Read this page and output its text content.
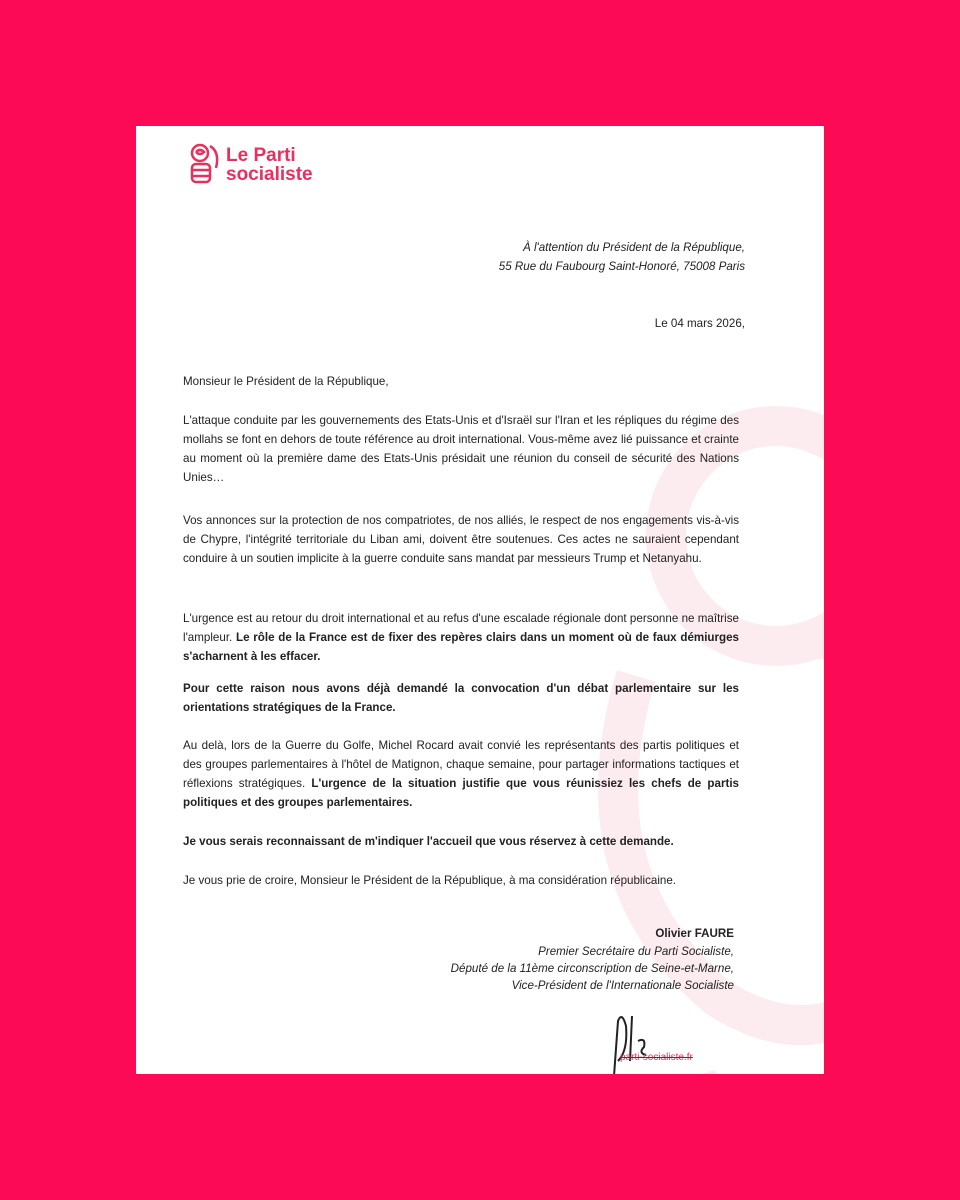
Le Parti
socialiste
À l'attention du Président de la République,
55 Rue du Faubourg Saint-Honoré, 75008 Paris
Le 04 mars 2026,
Monsieur le Président de la République,
L'attaque conduite par les gouvernements des Etats-Unis et d'Israël sur l'Iran et les répliques du régime des mollahs se font en dehors de toute référence au droit international. Vous-même avez lié puissance et crainte au moment où la première dame des Etats-Unis présidait une réunion du conseil de sécurité des Nations Unies…
Vos annonces sur la protection de nos compatriotes, de nos alliés, le respect de nos engagements vis-à-vis de Chypre, l'intégrité territoriale du Liban ami, doivent être soutenues. Ces actes ne sauraient cependant conduire à un soutien implicite à la guerre conduite sans mandat par messieurs Trump et Netanyahu.
L'urgence est au retour du droit international et au refus d'une escalade régionale dont personne ne maîtrise l'ampleur. Le rôle de la France est de fixer des repères clairs dans un moment où de faux démiurges s'acharnent à les effacer.
Pour cette raison nous avons déjà demandé la convocation d'un débat parlementaire sur les orientations stratégiques de la France.
Au delà, lors de la Guerre du Golfe, Michel Rocard avait convié les représentants des partis politiques et des groupes parlementaires à l'hôtel de Matignon, chaque semaine, pour partager informations tactiques et réflexions stratégiques. L'urgence de la situation justifie que vous réunissiez les chefs de partis politiques et des groupes parlementaires.
Je vous serais reconnaissant de m'indiquer l'accueil que vous réservez à cette demande.
Je vous prie de croire, Monsieur le Président de la République, à ma considération républicaine.
Olivier FAURE
Premier Secrétaire du Parti Socialiste,
Député de la 11ème circonscription de Seine-et-Marne,
Vice-Président de l'Internationale Socialiste
parti-socialiste.fr
